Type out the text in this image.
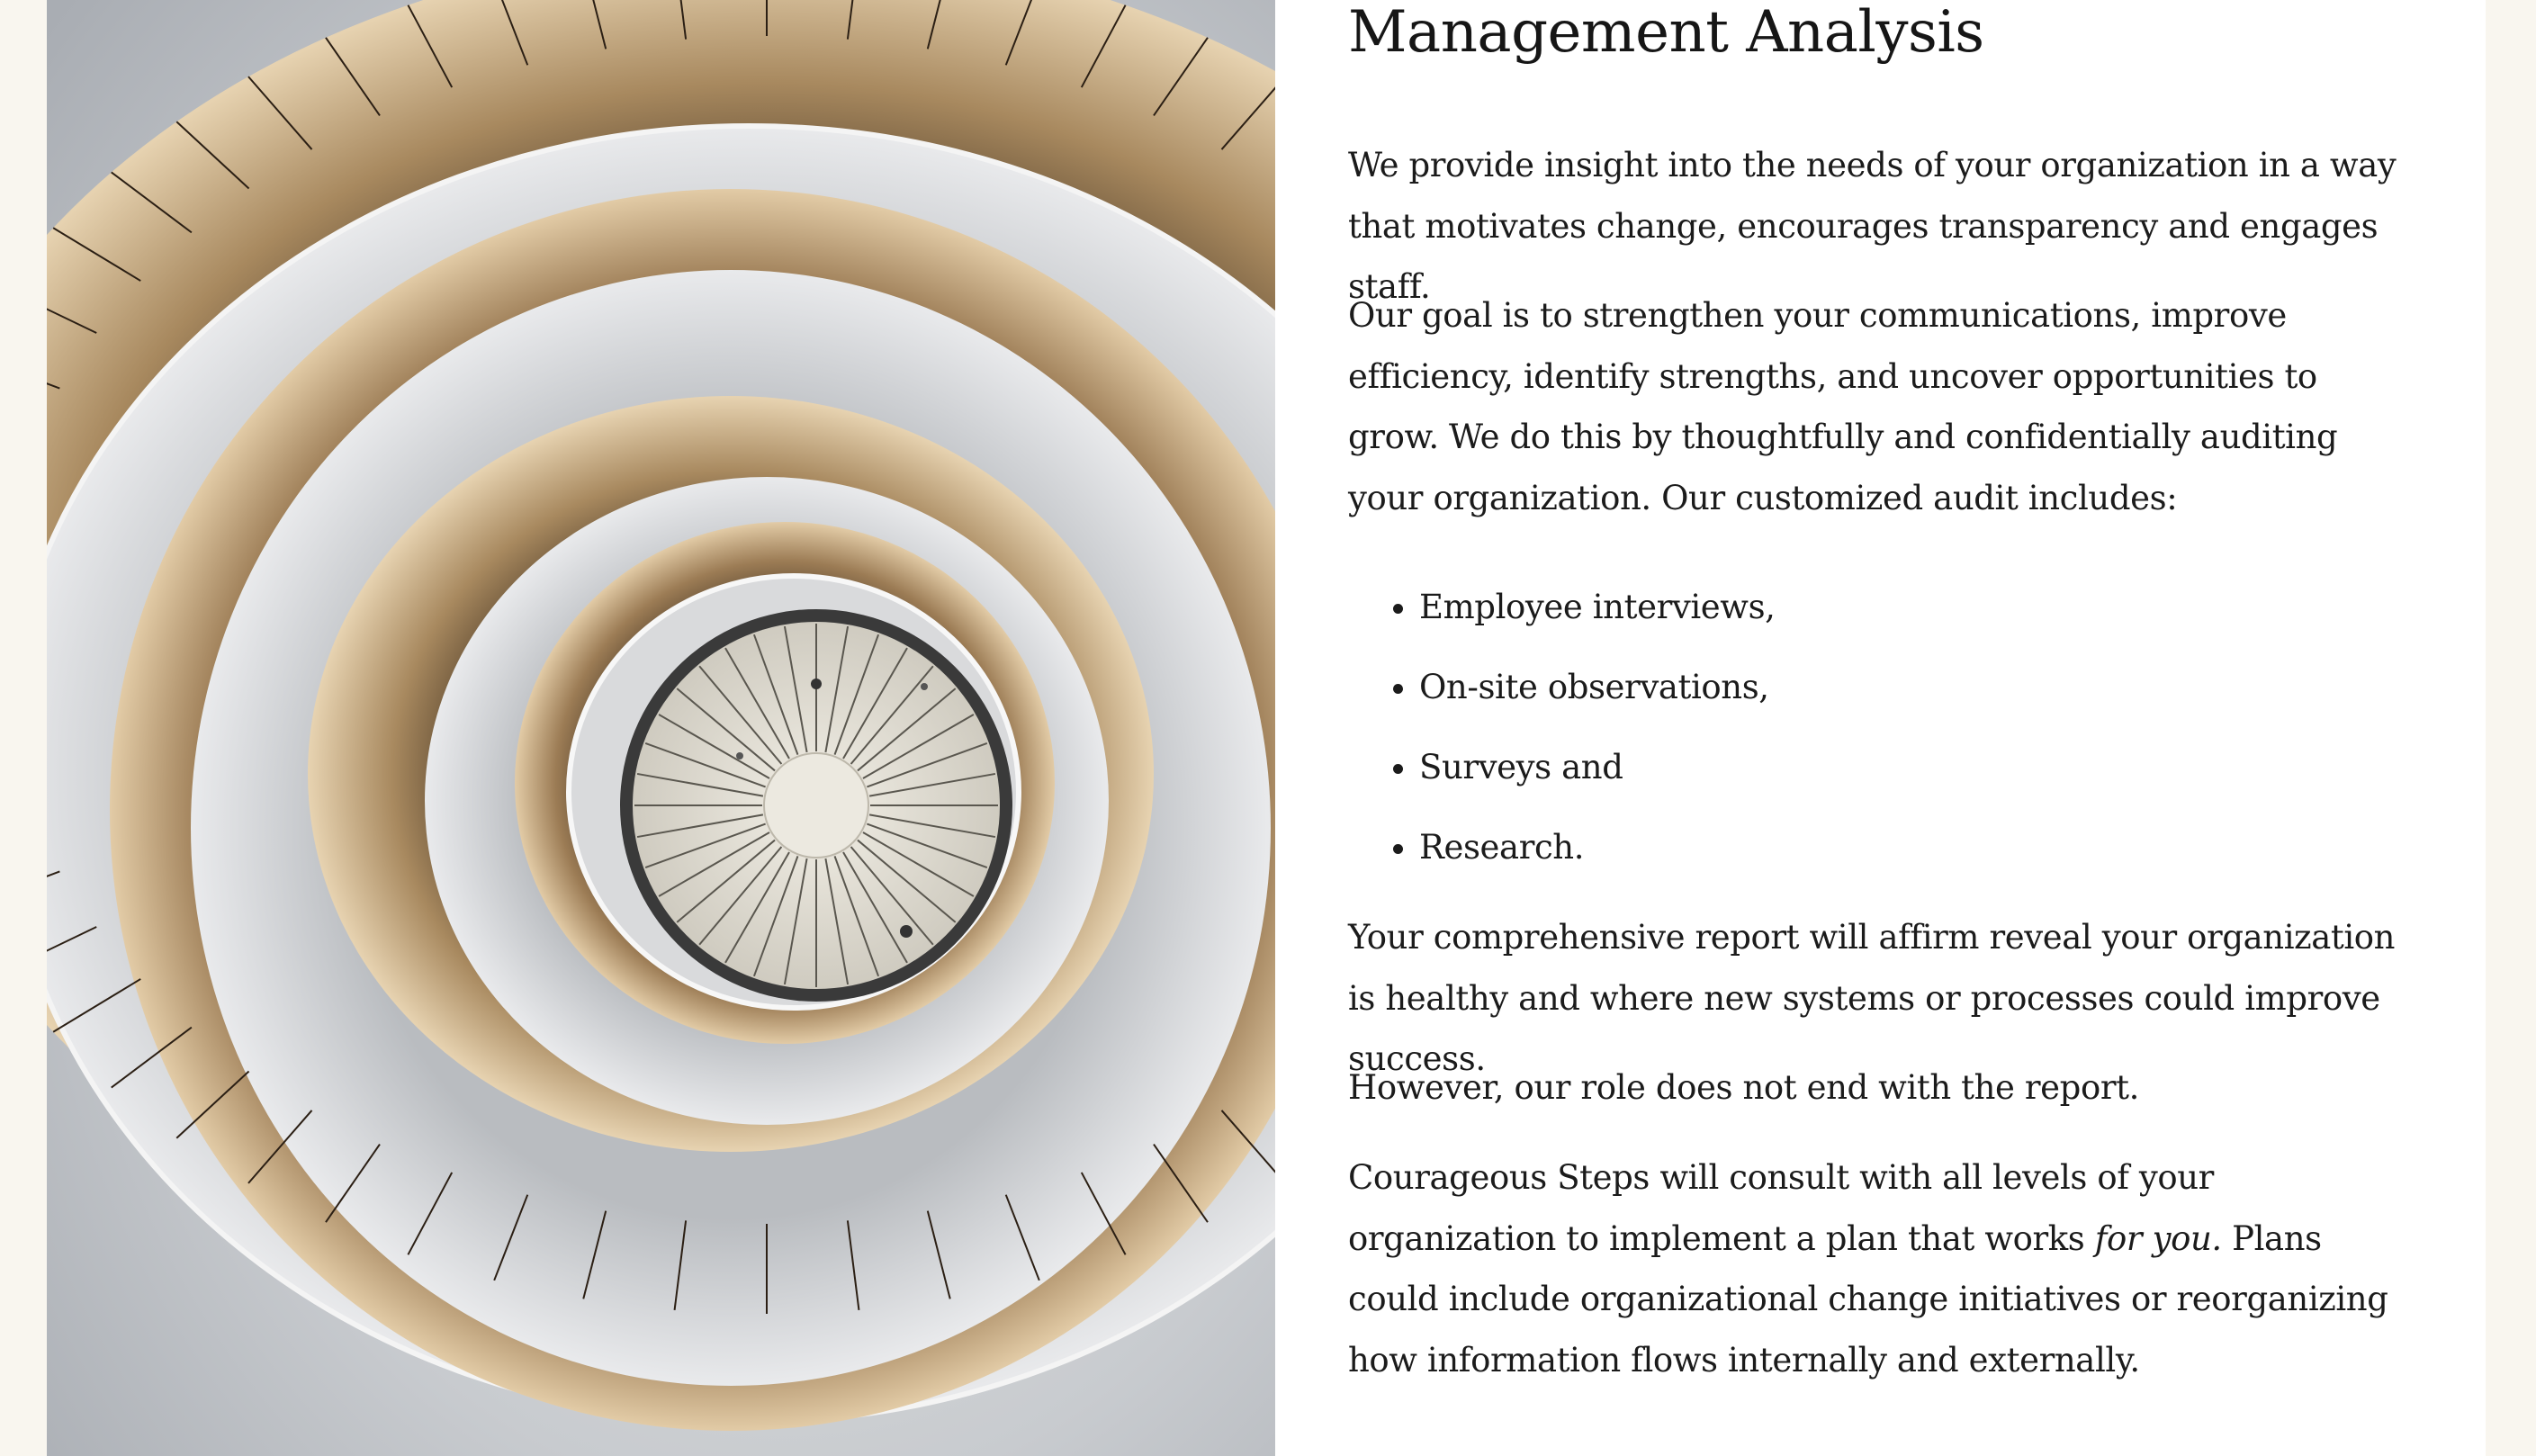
Management Analysis

We provide insight into the needs of your organization in a way that motivates change, encourages transparency and engages staff.

Our goal is to strengthen your communications, improve efficiency, identify strengths, and uncover opportunities to grow. We do this by thoughtfully and confidentially auditing your organization. Our customized audit includes:

• Employee interviews,
• On-site observations,
• Surveys and
• Research.

Your comprehensive report will affirm reveal your organization is healthy and where new systems or processes could improve success.

However, our role does not end with the report.

Courageous Steps will consult with all levels of your organization to implement a plan that works for you. Plans could include organizational change initiatives or reorganizing how information flows internally and externally.
